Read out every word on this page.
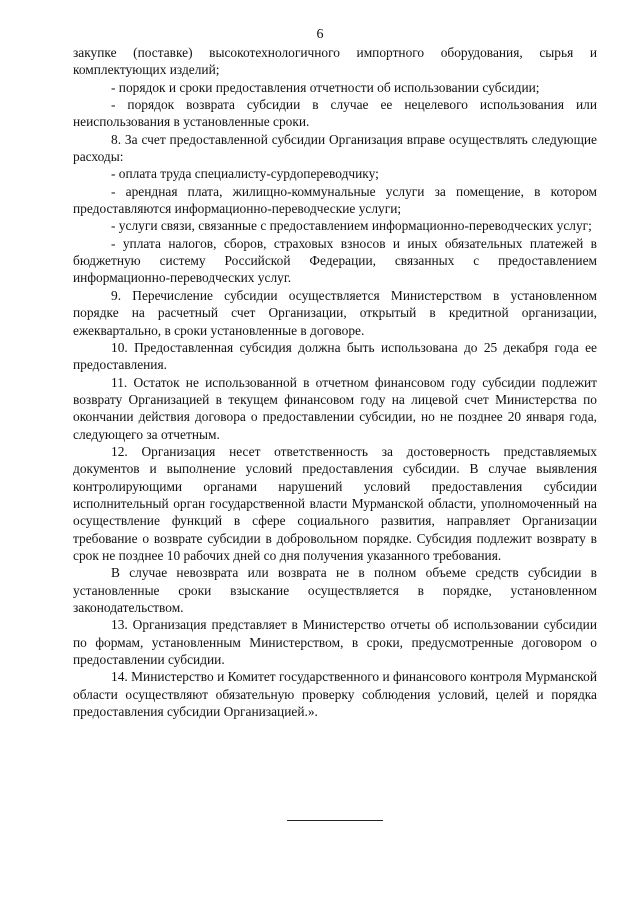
6

закупке (поставке) высокотехнологичного импортного оборудования, сырья и комплектующих изделий;

- порядок и сроки предоставления отчетности об использовании субсидии;

- порядок возврата субсидии в случае ее нецелевого использования или неиспользования в установленные сроки.

8. За счет предоставленной субсидии Организация вправе осуществлять следующие расходы:

- оплата труда специалисту-сурдопереводчику;

- арендная плата, жилищно-коммунальные услуги за помещение, в котором предоставляются информационно-переводческие услуги;

- услуги связи, связанные с предоставлением информационно-переводческих услуг;

- уплата налогов, сборов, страховых взносов и иных обязательных платежей в бюджетную систему Российской Федерации, связанных с предоставлением информационно-переводческих услуг.

9. Перечисление субсидии осуществляется Министерством в установленном порядке на расчетный счет Организации, открытый в кредитной организации, ежеквартально, в сроки установленные в договоре.

10. Предоставленная субсидия должна быть использована до 25 декабря года ее предоставления.

11. Остаток не использованной в отчетном финансовом году субсидии подлежит возврату Организацией в текущем финансовом году на лицевой счет Министерства по окончании действия договора о предоставлении субсидии, но не позднее 20 января года, следующего за отчетным.

12. Организация несет ответственность за достоверность представляемых документов и выполнение условий предоставления субсидии. В случае выявления контролирующими органами нарушений условий предоставления субсидии исполнительный орган государственной власти Мурманской области, уполномоченный на осуществление функций в сфере социального развития, направляет Организации требование о возврате субсидии в добровольном порядке. Субсидия подлежит возврату в срок не позднее 10 рабочих дней со дня получения указанного требования.

В случае невозврата или возврата не в полном объеме средств субсидии в установленные сроки взыскание осуществляется в порядке, установленном законодательством.

13. Организация представляет в Министерство отчеты об использовании субсидии по формам, установленным Министерством, в сроки, предусмотренные договором о предоставлении субсидии.

14. Министерство и Комитет государственного и финансового контроля Мурманской области осуществляют обязательную проверку соблюдения условий, целей и порядка предоставления субсидии Организацией.».
